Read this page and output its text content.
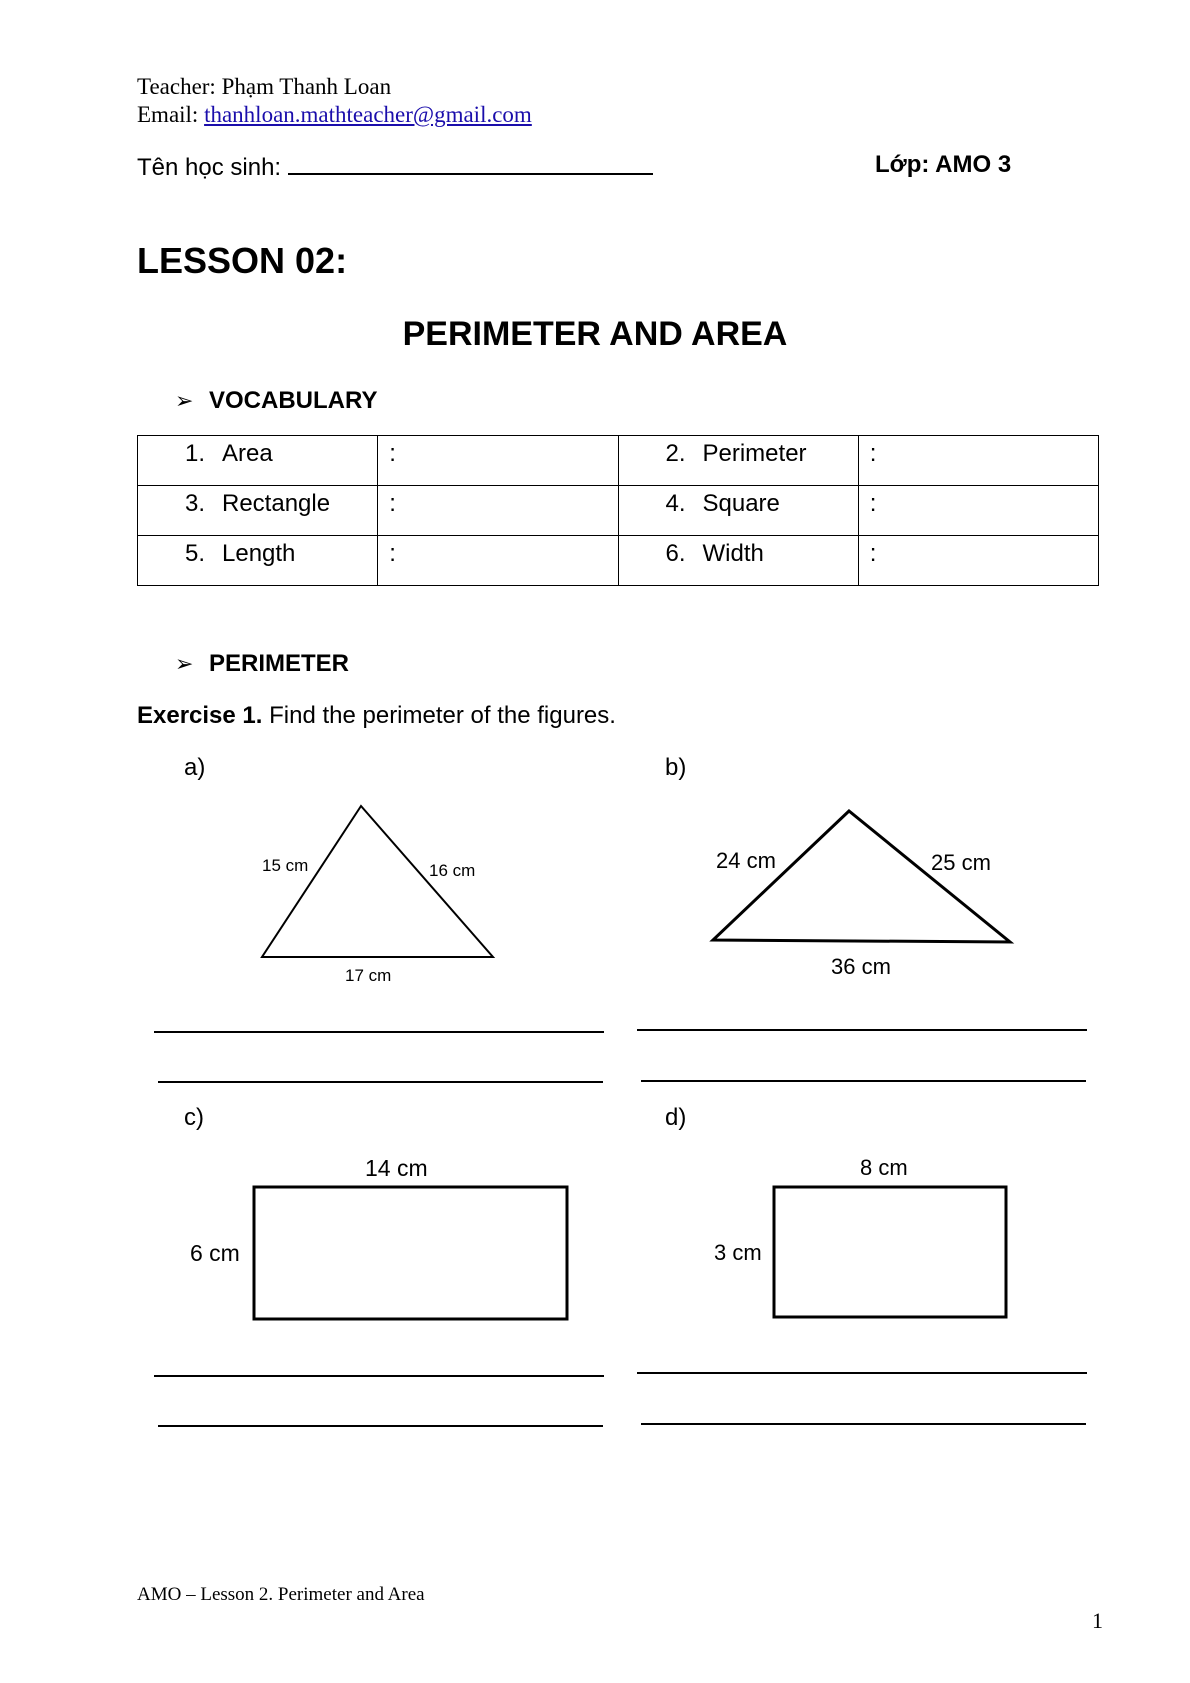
Teacher: Phạm Thanh Loan
Email: thanhloan.mathteacher@gmail.com
Tên học sinh:	Lớp: AMO 3
LESSON 02:
PERIMETER AND AREA
➢ VOCABULARY
1. Area	:	2. Perimeter	:
3. Rectangle	:	4. Square	:
5. Length	:	6. Width	:
➢ PERIMETER
Exercise 1. Find the perimeter of the figures.
a)	b)
c)	d)
15 cm	16 cm
17 cm
24 cm	25 cm
36 cm
14 cm
6 cm
8 cm
3 cm
AMO – Lesson 2. Perimeter and Area
1
